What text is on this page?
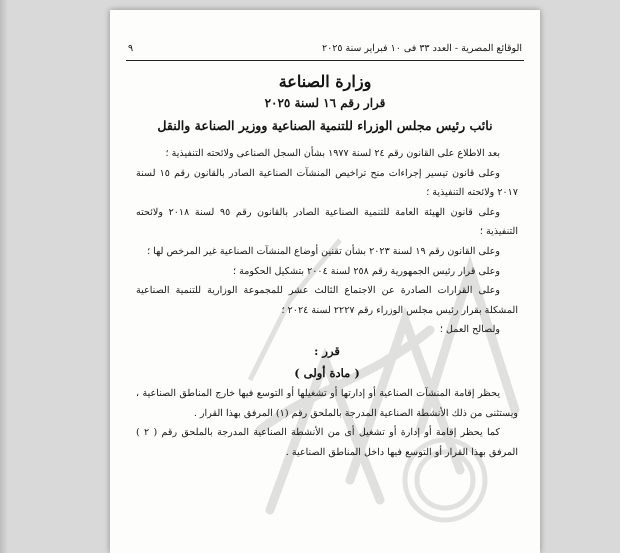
الوقائع المصرية - العدد ٣٣ فى ١٠ فبراير سنة ٢٠٢٥
٩
وزارة الصناعة
قرار رقم ١٦ لسنة ٢٠٢٥
نائب رئيس مجلس الوزراء للتنمية الصناعية ووزير الصناعة والنقل

بعد الاطلاع على القانون رقم ٢٤ لسنة ١٩٧٧ بشأن السجل الصناعى ولائحته التنفيذية ؛

وعلى قانون تيسير إجراءات منح تراخيص المنشآت الصناعية الصادر بالقانون رقم ١٥ لسنة ٢٠١٧ ولائحته التنفيذية ؛

وعلى قانون الهيئة العامة للتنمية الصناعية الصادر بالقانون رقم ٩٥ لسنة ٢٠١٨ ولائحته التنفيذية ؛

وعلى القانون رقم ١٩ لسنة ٢٠٢٣ بشأن تقنين أوضاع المنشآت الصناعية غير المرخص لها ؛

وعلى قرار رئيس الجمهورية رقم ٢٥٨ لسنة ٢٠٠٤ بتشكيل الحكومة ؛

وعلى القرارات الصادرة عن الاجتماع الثالث عشر للمجموعة الوزارية للتنمية الصناعية المشكلة بقرار رئيس مجلس الوزراء رقم ٢٢٢٧ لسنة ٢٠٢٤ ؛

ولصالح العمل ؛

قرر :

( مادة أولى )

يحظر إقامة المنشآت الصناعية أو إدارتها أو تشغيلها أو التوسع فيها خارج المناطق الصناعية ، ويستثنى من ذلك الأنشطة الصناعية المدرجة بالملحق رقم (١) المرفق بهذا القرار .

كما يحظر إقامة أو إدارة أو تشغيل أى من الأنشطة الصناعية المدرجة بالملحق رقم ( ٢ ) المرفق بهذا القرار أو التوسع فيها داخل المناطق الصناعية .
